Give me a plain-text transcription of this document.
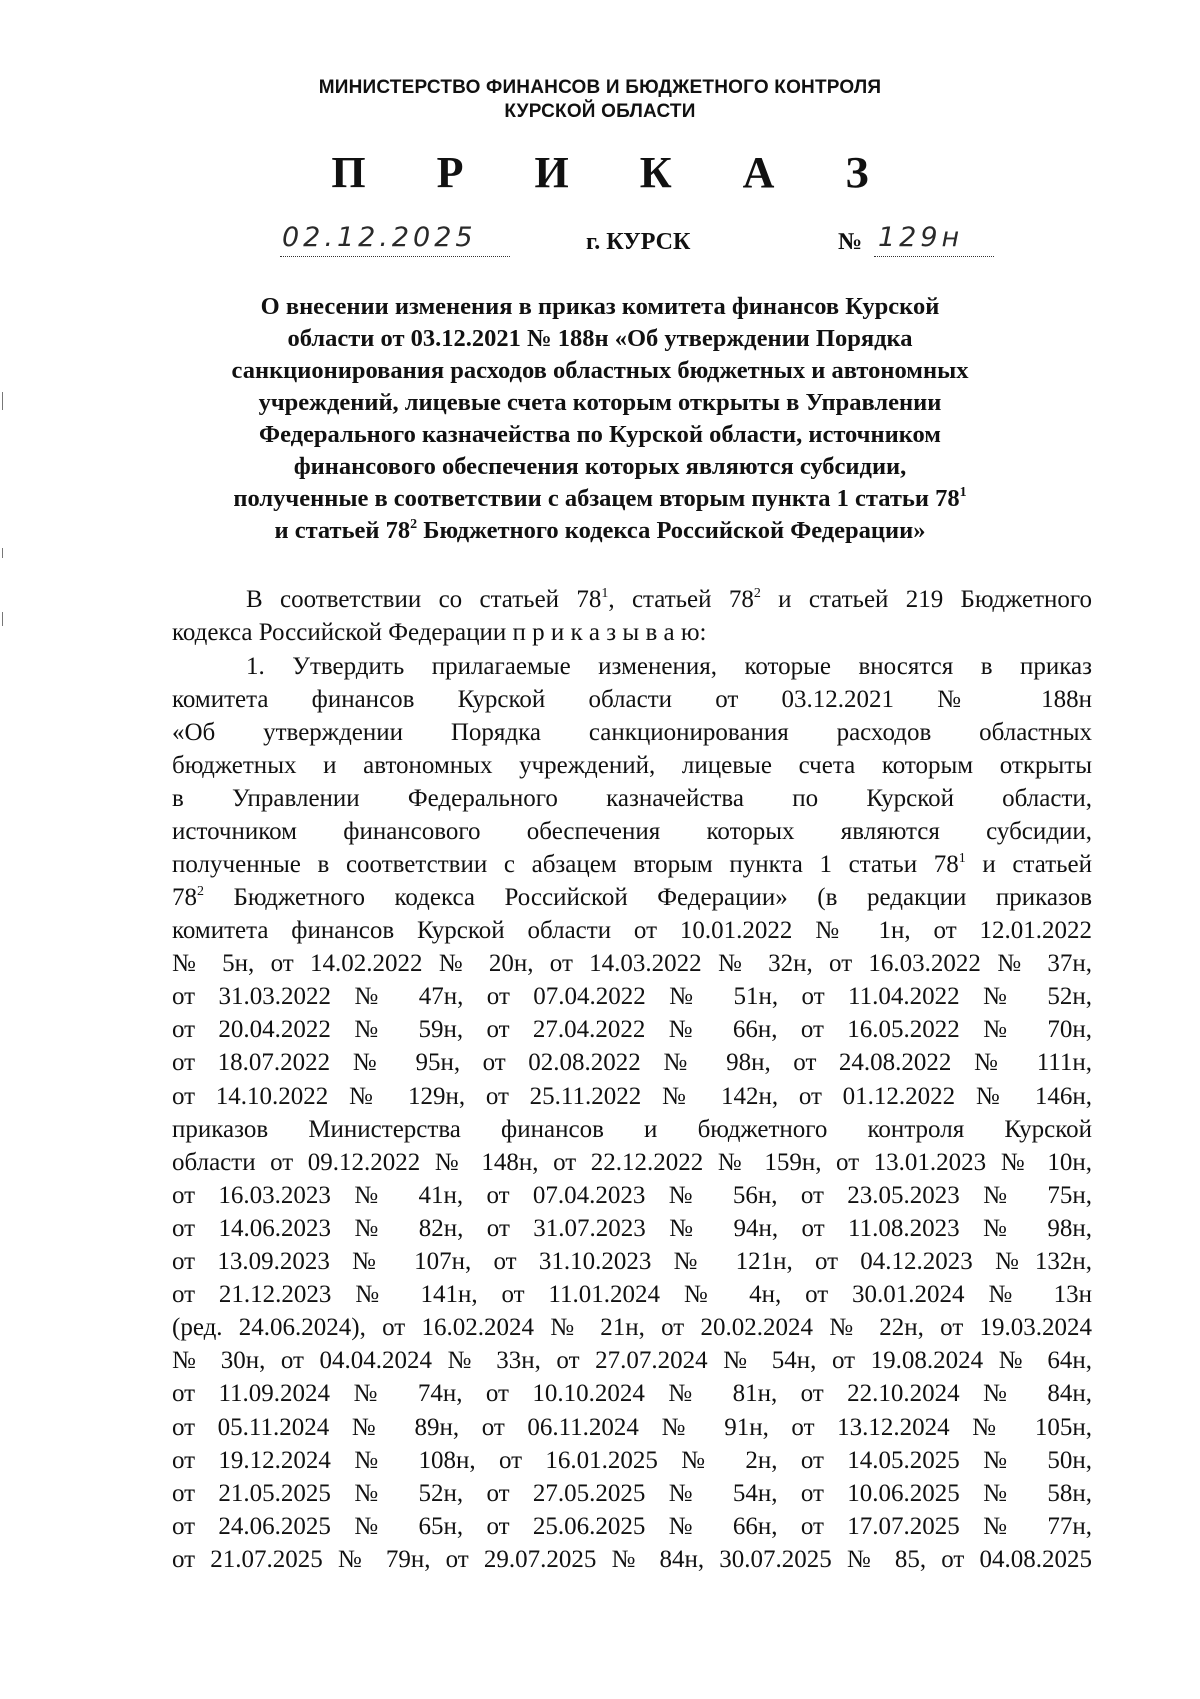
МИНИСТЕРСТВО ФИНАНСОВ И БЮДЖЕТНОГО КОНТРОЛЯ
КУРСКОЙ ОБЛАСТИ
П Р И К А З
02.12.2025	г. КУРСК	№ 129н
О внесении изменения в приказ комитета финансов Курской
области от 03.12.2021 № 188н «Об утверждении Порядка
санкционирования расходов областных бюджетных и автономных
учреждений, лицевые счета которым открыты в Управлении
Федерального казначейства по Курской области, источником
финансового обеспечения которых являются субсидии,
полученные в соответствии с абзацем вторым пункта 1 статьи $78^1$
и статьей $78^2$ Бюджетного кодекса Российской Федерации»
В соответствии со статьей $78^1$, статьей $78^2$ и статьей 219 Бюджетного
кодекса Российской Федерации п р и к а з ы в а ю:
1. Утвердить прилагаемые изменения, которые вносятся в приказ
комитета финансов Курской области от 03.12.2021 № 188н
«Об утверждении Порядка санкционирования расходов областных
бюджетных и автономных учреждений, лицевые счета которым открыты
в Управлении Федерального казначейства по Курской области,
источником финансового обеспечения которых являются субсидии,
полученные в соответствии с абзацем вторым пункта 1 статьи $78^1$ и статьей
$78^2$ Бюджетного кодекса Российской Федерации» (в редакции приказов
комитета финансов Курской области от 10.01.2022 № 1н, от 12.01.2022
№ 5н, от 14.02.2022 № 20н, от 14.03.2022 № 32н, от 16.03.2022 № 37н,
от 31.03.2022 № 47н, от 07.04.2022 № 51н, от 11.04.2022 № 52н,
от 20.04.2022 № 59н, от 27.04.2022 № 66н, от 16.05.2022 № 70н,
от 18.07.2022 № 95н, от 02.08.2022 № 98н, от 24.08.2022 № 111н,
от 14.10.2022 № 129н, от 25.11.2022 № 142н, от 01.12.2022 № 146н,
приказов Министерства финансов и бюджетного контроля Курской
области от 09.12.2022 № 148н, от 22.12.2022 № 159н, от 13.01.2023 № 10н,
от 16.03.2023 № 41н, от 07.04.2023 № 56н, от 23.05.2023 № 75н,
от 14.06.2023 № 82н, от 31.07.2023 № 94н, от 11.08.2023 № 98н,
от 13.09.2023 № 107н, от 31.10.2023 № 121н, от 04.12.2023 №132н,
от 21.12.2023 № 141н, от 11.01.2024 № 4н, от 30.01.2024 № 13н
(ред. 24.06.2024), от 16.02.2024 № 21н, от 20.02.2024 № 22н, от 19.03.2024
№ 30н, от 04.04.2024 № 33н, от 27.07.2024 № 54н, от 19.08.2024 № 64н,
от 11.09.2024 № 74н, от 10.10.2024 № 81н, от 22.10.2024 № 84н,
от 05.11.2024 № 89н, от 06.11.2024 № 91н, от 13.12.2024 № 105н,
от 19.12.2024 № 108н, от 16.01.2025 № 2н, от 14.05.2025 № 50н,
от 21.05.2025 № 52н, от 27.05.2025 № 54н, от 10.06.2025 № 58н,
от 24.06.2025 № 65н, от 25.06.2025 № 66н, от 17.07.2025 № 77н,
от 21.07.2025 № 79н, от 29.07.2025 № 84н, 30.07.2025 № 85, от 04.08.2025
